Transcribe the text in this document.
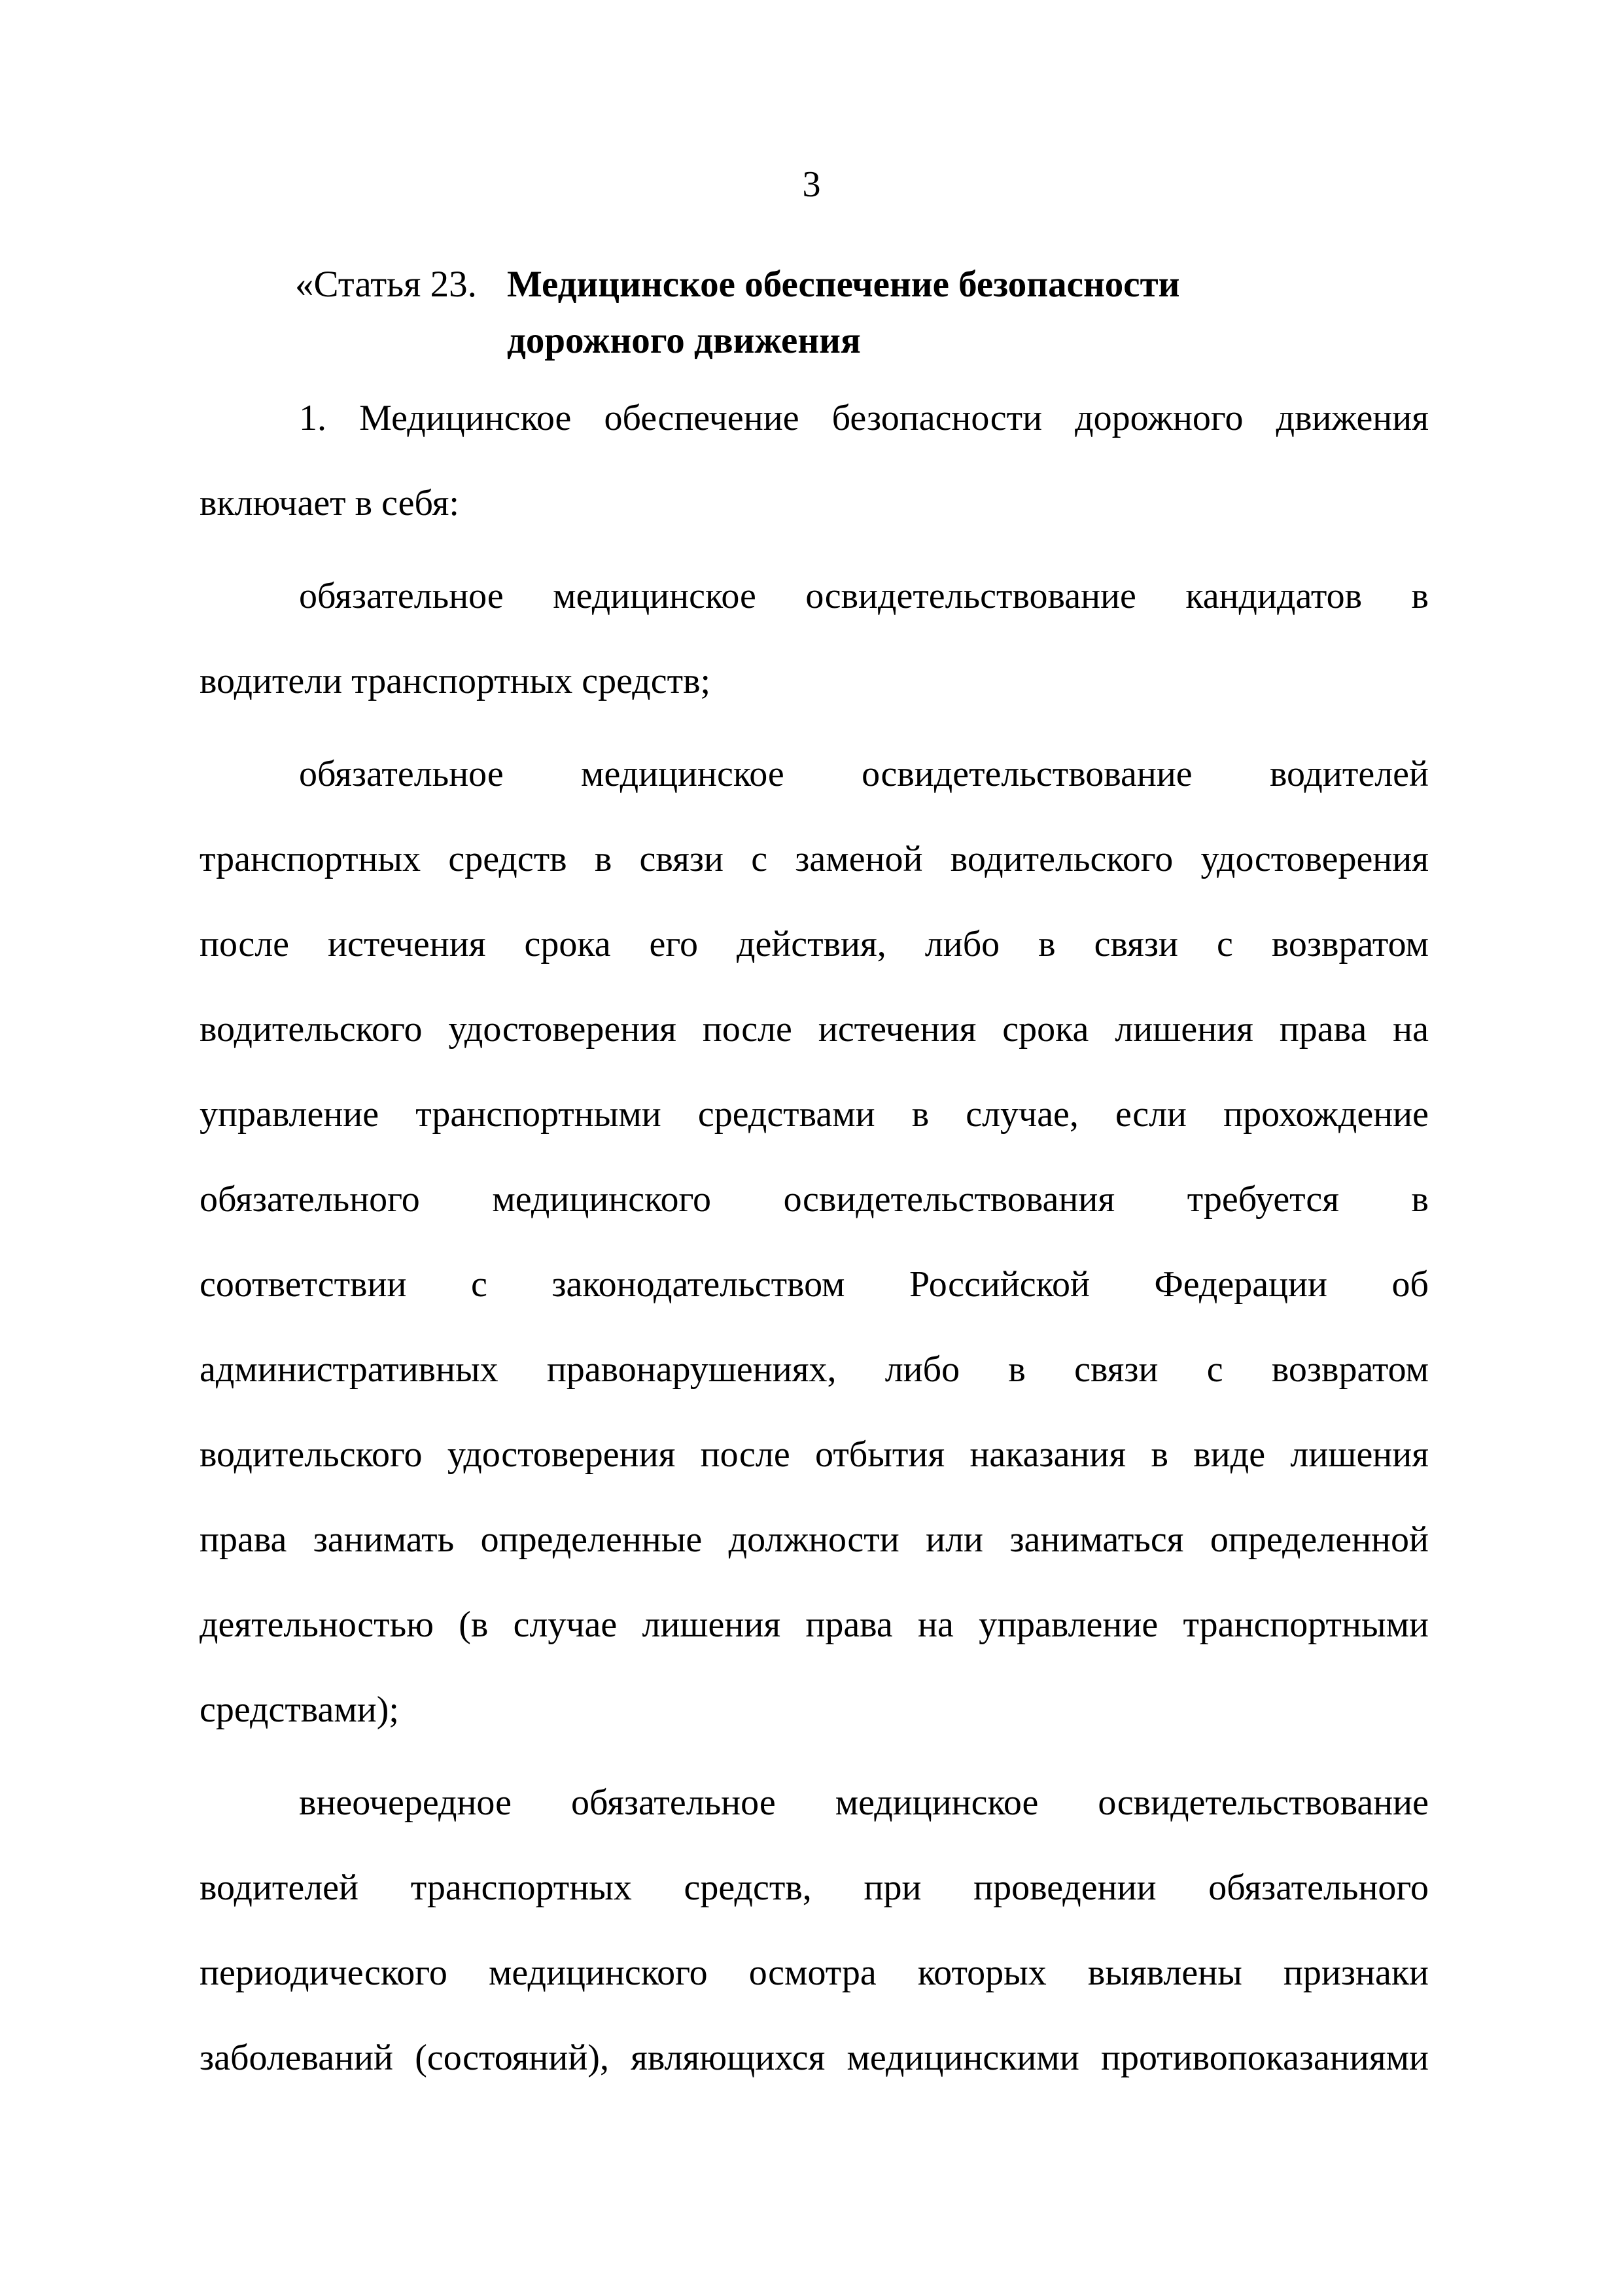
3
«Статья 23. Медицинское обеспечение безопасности
дорожного движения
1. Медицинское обеспечение безопасности дорожного движения
включает в себя:
обязательное медицинское освидетельствование кандидатов в
водители транспортных средств;
обязательное медицинское освидетельствование водителей
транспортных средств в связи с заменой водительского удостоверения
после истечения срока его действия, либо в связи с возвратом
водительского удостоверения после истечения срока лишения права на
управление транспортными средствами в случае, если прохождение
обязательного медицинского освидетельствования требуется в
соответствии с законодательством Российской Федерации об
административных правонарушениях, либо в связи с возвратом
водительского удостоверения после отбытия наказания в виде лишения
права занимать определенные должности или заниматься определенной
деятельностью (в случае лишения права на управление транспортными
средствами);
внеочередное обязательное медицинское освидетельствование
водителей транспортных средств, при проведении обязательного
периодического медицинского осмотра которых выявлены признаки
заболеваний (состояний), являющихся медицинскими противопоказаниями
